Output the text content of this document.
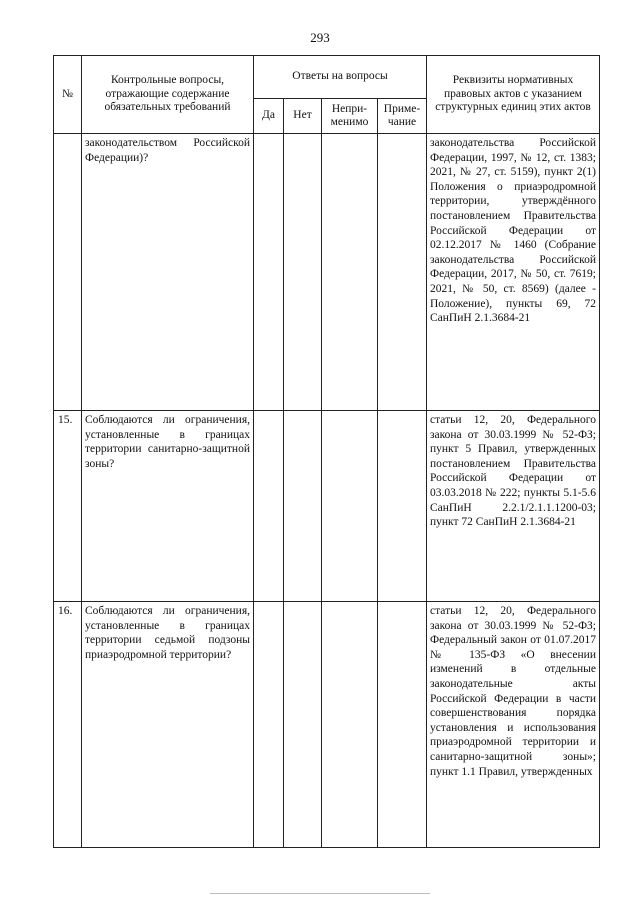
293
№	Контрольные вопросы, отражающие содержание обязательных требований	Ответы на вопросы				Реквизиты нормативных правовых актов с указанием структурных единиц этих актов
		Да	Нет	Непри-менимо	Приме-чание	
	законодательством Российской Федерации)?					законодательства Российской Федерации, 1997, № 12, ст. 1383; 2021, № 27, ст. 5159), пункт 2(1) Положения о приаэродромной территории, утверждённого постановлением Правительства Российской Федерации от 02.12.2017 № 1460 (Собрание законодательства Российской Федерации, 2017, № 50, ст. 7619; 2021, № 50, ст. 8569) (далее - Положение), пункты 69, 72 СанПиН 2.1.3684-21
15.	Соблюдаются ли ограничения, установленные в границах территории санитарно-защитной зоны?					статьи 12, 20, Федерального закона от 30.03.1999 № 52-ФЗ; пункт 5 Правил, утвержденных постановлением Правительства Российской Федерации от 03.03.2018 № 222; пункты 5.1-5.6 СанПиН 2.2.1/2.1.1.1200-03; пункт 72 СанПиН 2.1.3684-21
16.	Соблюдаются ли ограничения, установленные в границах территории седьмой подзоны приаэродромной территории?					статьи 12, 20, Федерального закона от 30.03.1999 № 52-ФЗ; Федеральный закон от 01.07.2017 № 135-ФЗ «О внесении изменений в отдельные законодательные акты Российской Федерации в части совершенствования порядка установления и использования приаэродромной территории и санитарно-защитной зоны»; пункт 1.1 Правил, утвержденных
